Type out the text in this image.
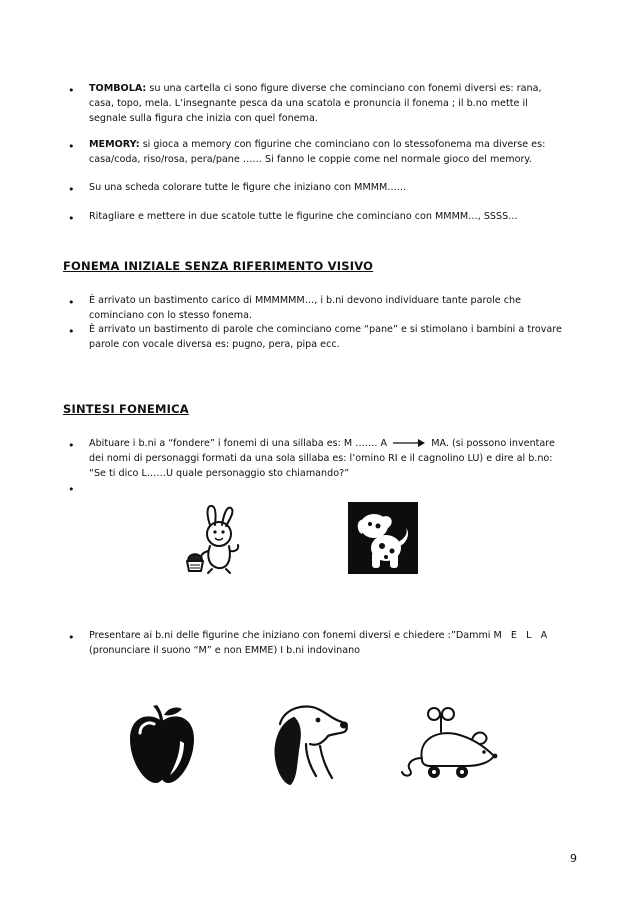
• TOMBOLA: su una cartella ci sono figure diverse che cominciano con fonemi diversi es: rana,
casa, topo, mela. L’insegnante pesca da una scatola e pronuncia il fonema ; il b.no mette il
segnale sulla figura che inizia con quel fonema.
• MEMORY: si gioca a memory con figurine che cominciano con lo stessofonema ma diverse es:
casa/coda, riso/rosa, pera/pane …… Si fanno le coppie come nel normale gioco del memory.
• Su una scheda colorare tutte le figure che iniziano con MMMM…...
• Ritagliare e mettere in due scatole tutte le figurine che cominciano con MMMM…, SSSS…
FONEMA INIZIALE SENZA RIFERIMENTO VISIVO
• È arrivato un bastimento carico di MMMMMM…, i b.ni devono individuare tante parole che
cominciano con lo stesso fonema.
• È arrivato un bastimento di parole che cominciano come “pane” e si stimolano i bambini a trovare
parole con vocale diversa es: pugno, pera, pipa ecc.
SINTESI FONEMICA
• Abituare i b.ni a “fondere” i fonemi di una sillaba es: M ……. A	MA. (si possono inventare
dei nomi di personaggi formati da una sola sillaba es: l’omino RI e il cagnolino LU) e dire al b.no:
“Se ti dico L……U quale personaggio sto chiamando?”
•
• Presentare ai b.ni delle figurine che iniziano con fonemi diversi e chiedere :”Dammi M   E   L   A
(pronunciare il suono “M” e non EMME) I b.ni indovinano
9
